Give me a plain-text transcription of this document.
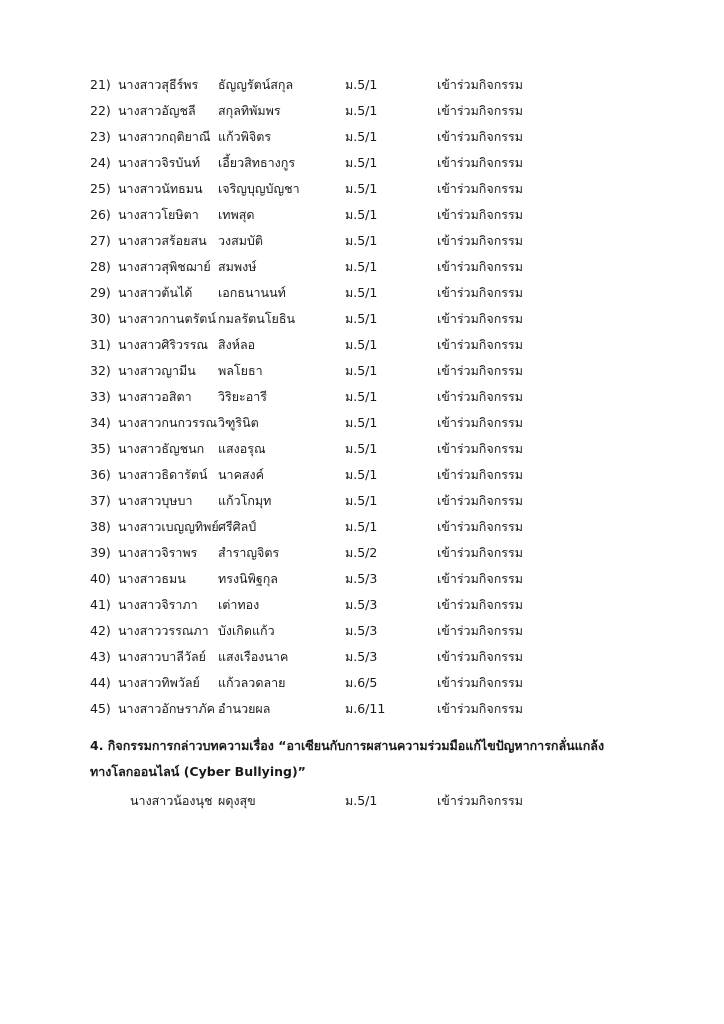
21) นางสาวสุธีร์พร ธัญญรัตน์สกุล	ม.5/1	เข้าร่วมกิจกรรม
22) นางสาวอัญชลี สกุลทิพัมพร	ม.5/1	เข้าร่วมกิจกรรม
23) นางสาวกฤติยาณี แก้วพิจิตร	ม.5/1	เข้าร่วมกิจกรรม
24) นางสาวจิรบันท์ เอี้ยวสิทธางกูร	ม.5/1	เข้าร่วมกิจกรรม
25) นางสาวนัทธมน เจริญบุญบัญชา	ม.5/1	เข้าร่วมกิจกรรม
26) นางสาวโยษิตา เทพสุด	ม.5/1	เข้าร่วมกิจกรรม
27) นางสาวสร้อยสน วงสมบัติ	ม.5/1	เข้าร่วมกิจกรรม
28) นางสาวสุพิชฌาย์ สมพงษ์	ม.5/1	เข้าร่วมกิจกรรม
29) นางสาวต้นได้ เอกธนานนท์	ม.5/1	เข้าร่วมกิจกรรม
30) นางสาวกานตรัตน์ กมลรัตนโยธิน	ม.5/1	เข้าร่วมกิจกรรม
31) นางสาวศิริวรรณ สิงห์ลอ	ม.5/1	เข้าร่วมกิจกรรม
32) นางสาวญามีน พลโยธา	ม.5/1	เข้าร่วมกิจกรรม
33) นางสาวอสิตา วิริยะอารี	ม.5/1	เข้าร่วมกิจกรรม
34) นางสาวกนกวรรณ วิฑูรินิต	ม.5/1	เข้าร่วมกิจกรรม
35) นางสาวธัญชนก แสงอรุณ	ม.5/1	เข้าร่วมกิจกรรม
36) นางสาวธิดารัตน์ นาคสงค์	ม.5/1	เข้าร่วมกิจกรรม
37) นางสาวบุษบา แก้วโกมุท	ม.5/1	เข้าร่วมกิจกรรม
38) นางสาวเบญญทิพย์ ศรีศิลป์	ม.5/1	เข้าร่วมกิจกรรม
39) นางสาวจิราพร สำราญจิตร	ม.5/2	เข้าร่วมกิจกรรม
40) นางสาวธมน	ทรงนิพิฐกุล	ม.5/3	เข้าร่วมกิจกรรม
41) นางสาวจิราภา เต่าทอง	ม.5/3	เข้าร่วมกิจกรรม
42) นางสาววรรณภา บังเกิดแก้ว	ม.5/3	เข้าร่วมกิจกรรม
43) นางสาวบาลีวัลย์ แสงเรืองนาค	ม.5/3	เข้าร่วมกิจกรรม
44) นางสาวทิพวัลย์ แก้วลวดลาย	ม.6/5	เข้าร่วมกิจกรรม
45) นางสาวอักษราภัค อำนวยผล	ม.6/11	เข้าร่วมกิจกรรม
4. กิจกรรมการกล่าวบทความเรื่อง “อาเซียนกับการผสานความร่วมมือแก้ไขปัญหาการกลั่นแกล้ง
ทางโลกออนไลน์ (Cyber Bullying)”
นางสาวน้องนุช ผดุงสุข	ม.5/1	เข้าร่วมกิจกรรม
